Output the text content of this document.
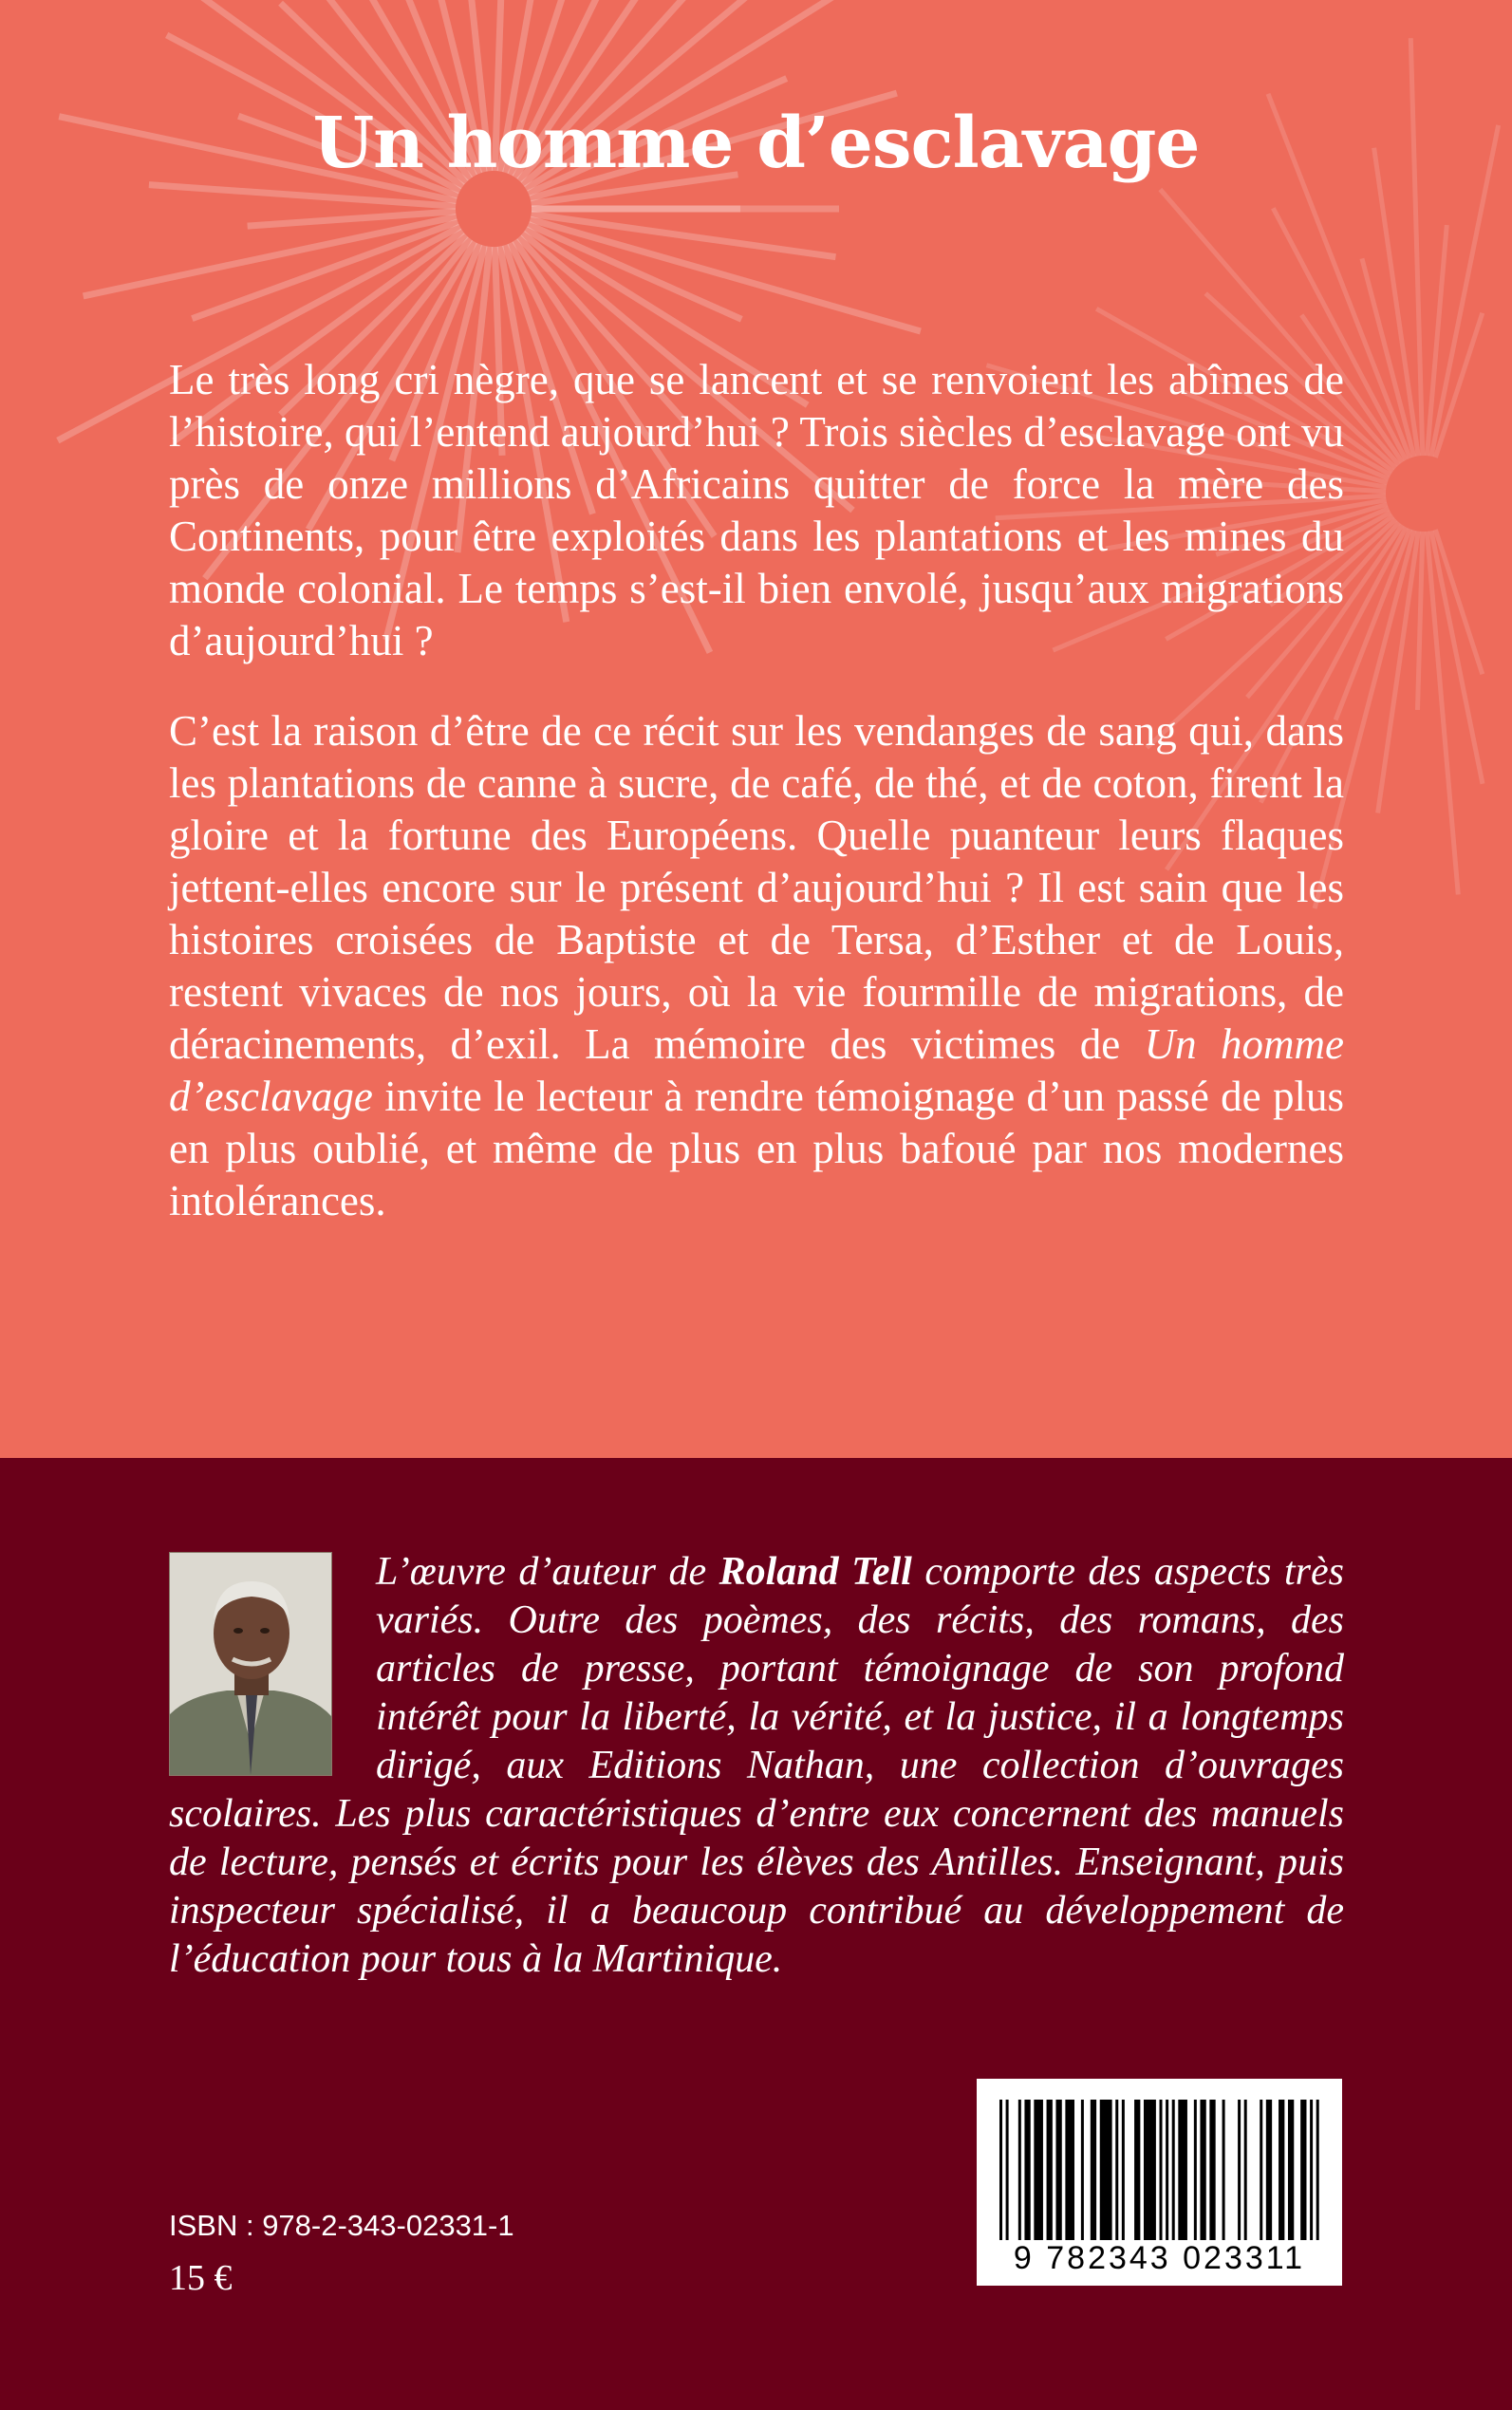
Un homme d’esclavage

Le très long cri nègre, que se lancent et se renvoient les abîmes de l’histoire, qui l’entend aujourd’hui ? Trois siècles d’esclavage ont vu près de onze millions d’Africains quitter de force la mère des Continents, pour être exploités dans les plantations et les mines du monde colonial. Le temps s’est-il bien envolé, jusqu’aux migrations d’aujourd’hui ?

C’est la raison d’être de ce récit sur les vendanges de sang qui, dans les plantations de canne à sucre, de café, de thé, et de coton, firent la gloire et la fortune des Européens. Quelle puanteur leurs flaques jettent-elles encore sur le présent d’aujourd’hui ? Il est sain que les histoires croisées de Baptiste et de Tersa, d’Esther et de Louis, restent vivaces de nos jours, où la vie fourmille de migrations, de déracinements, d’exil. La mémoire des victimes de Un homme d’esclavage invite le lecteur à rendre témoignage d’un passé de plus en plus oublié, et même de plus en plus bafoué par nos modernes intolérances.

L’œuvre d’auteur de Roland Tell comporte des aspects très variés. Outre des poèmes, des récits, des romans, des articles de presse, portant témoignage de son profond intérêt pour la liberté, la vérité, et la justice, il a longtemps dirigé, aux Editions Nathan, une collection d’ouvrages scolaires. Les plus caractéristiques d’entre eux concernent des manuels de lecture, pensés et écrits pour les élèves des Antilles. Enseignant, puis inspecteur spécialisé, il a beaucoup contribué au développement de l’éducation pour tous à la Martinique.

9 782343 023311

ISBN : 978-2-343-02331-1

15 €
